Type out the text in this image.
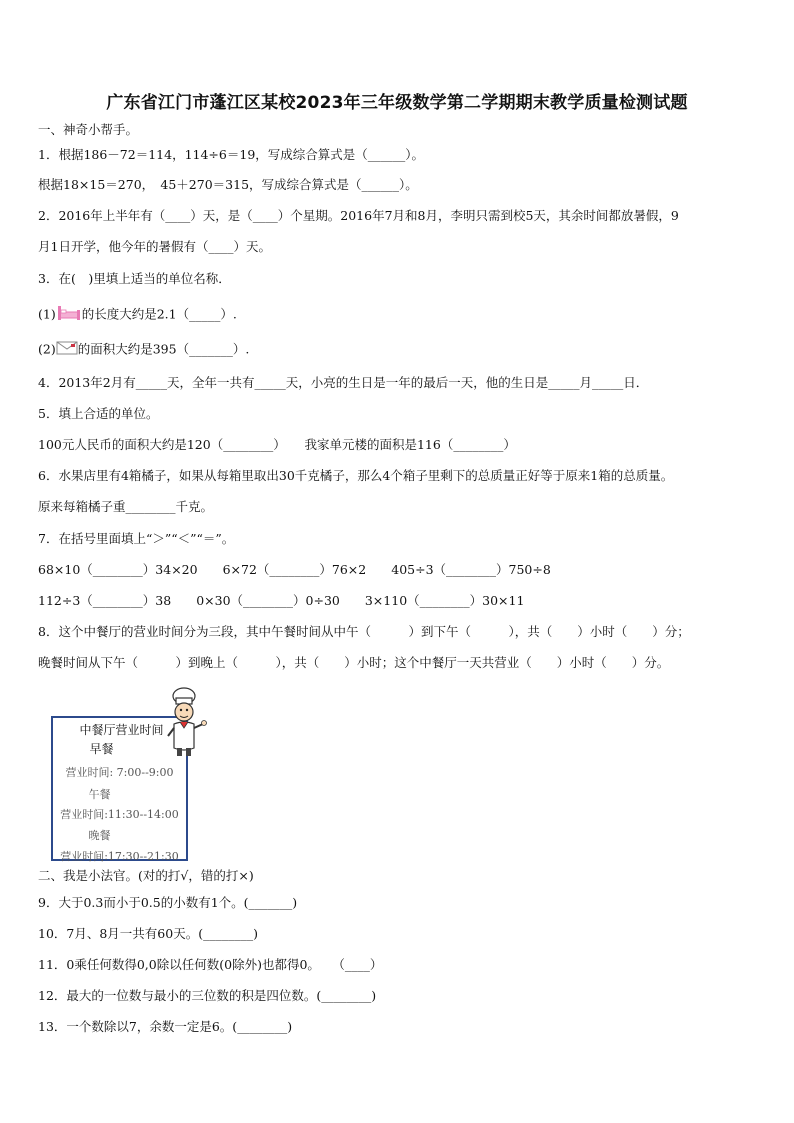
广东省江门市蓬江区某校2023年三年级数学第二学期期末教学质量检测试题
一、神奇小帮手。
1．根据186－72＝114，114÷6＝19，写成综合算式是（______）。
根据18×15＝270，　45＋270＝315，写成综合算式是（______）。
2．2016年上半年有（____）天，是（____）个星期。2016年7月和8月，李明只需到校5天，其余时间都放暑假，9
月1日开学，他今年的暑假有（____）天。
3．在(　)里填上适当的单位名称．
(1) 的长度大约是2.1（_____）.
(2) 的面积大约是395（_______）.
4．2013年2月有_____天，全年一共有_____天，小亮的生日是一年的最后一天，他的生日是_____月_____日．
5．填上合适的单位。
100元人民币的面积大约是120（________）　　我家单元楼的面积是116（________）
6．水果店里有4箱橘子，如果从每箱里取出30千克橘子，那么4个箱子里剩下的总质量正好等于原来1箱的总质量。
原来每箱橘子重________千克。
7．在括号里面填上“＞”“＜”“＝”。
68×10（________）34×20　　6×72（________）76×2　　405÷3（________）750÷8
112÷3（________）38　　0×30（________）0÷30　　3×110（________）30×11
8．这个中餐厅的营业时间分为三段，其中午餐时间从中午（　　　）到下午（　　　），共（　　）小时（　　）分；
晚餐时间从下午（　　　）到晚上（　　　），共（　　）小时；这个中餐厅一天共营业（　　）小时（　　）分。
中餐厅营业时间
早餐
营业时间: 7:00--9:00
午餐
营业时间:11:30--14:00
晚餐
营业时间:17:30--21:30
二、我是小法官。(对的打√，错的打×)
9．大于0.3而小于0.5的小数有1个。(_______)
10．7月、8月一共有60天。(________)
11．0乘任何数得0,0除以任何数(0除外)也都得0。　　（____）
12．最大的一位数与最小的三位数的积是四位数。(________)
13．一个数除以7，余数一定是6。(________)
